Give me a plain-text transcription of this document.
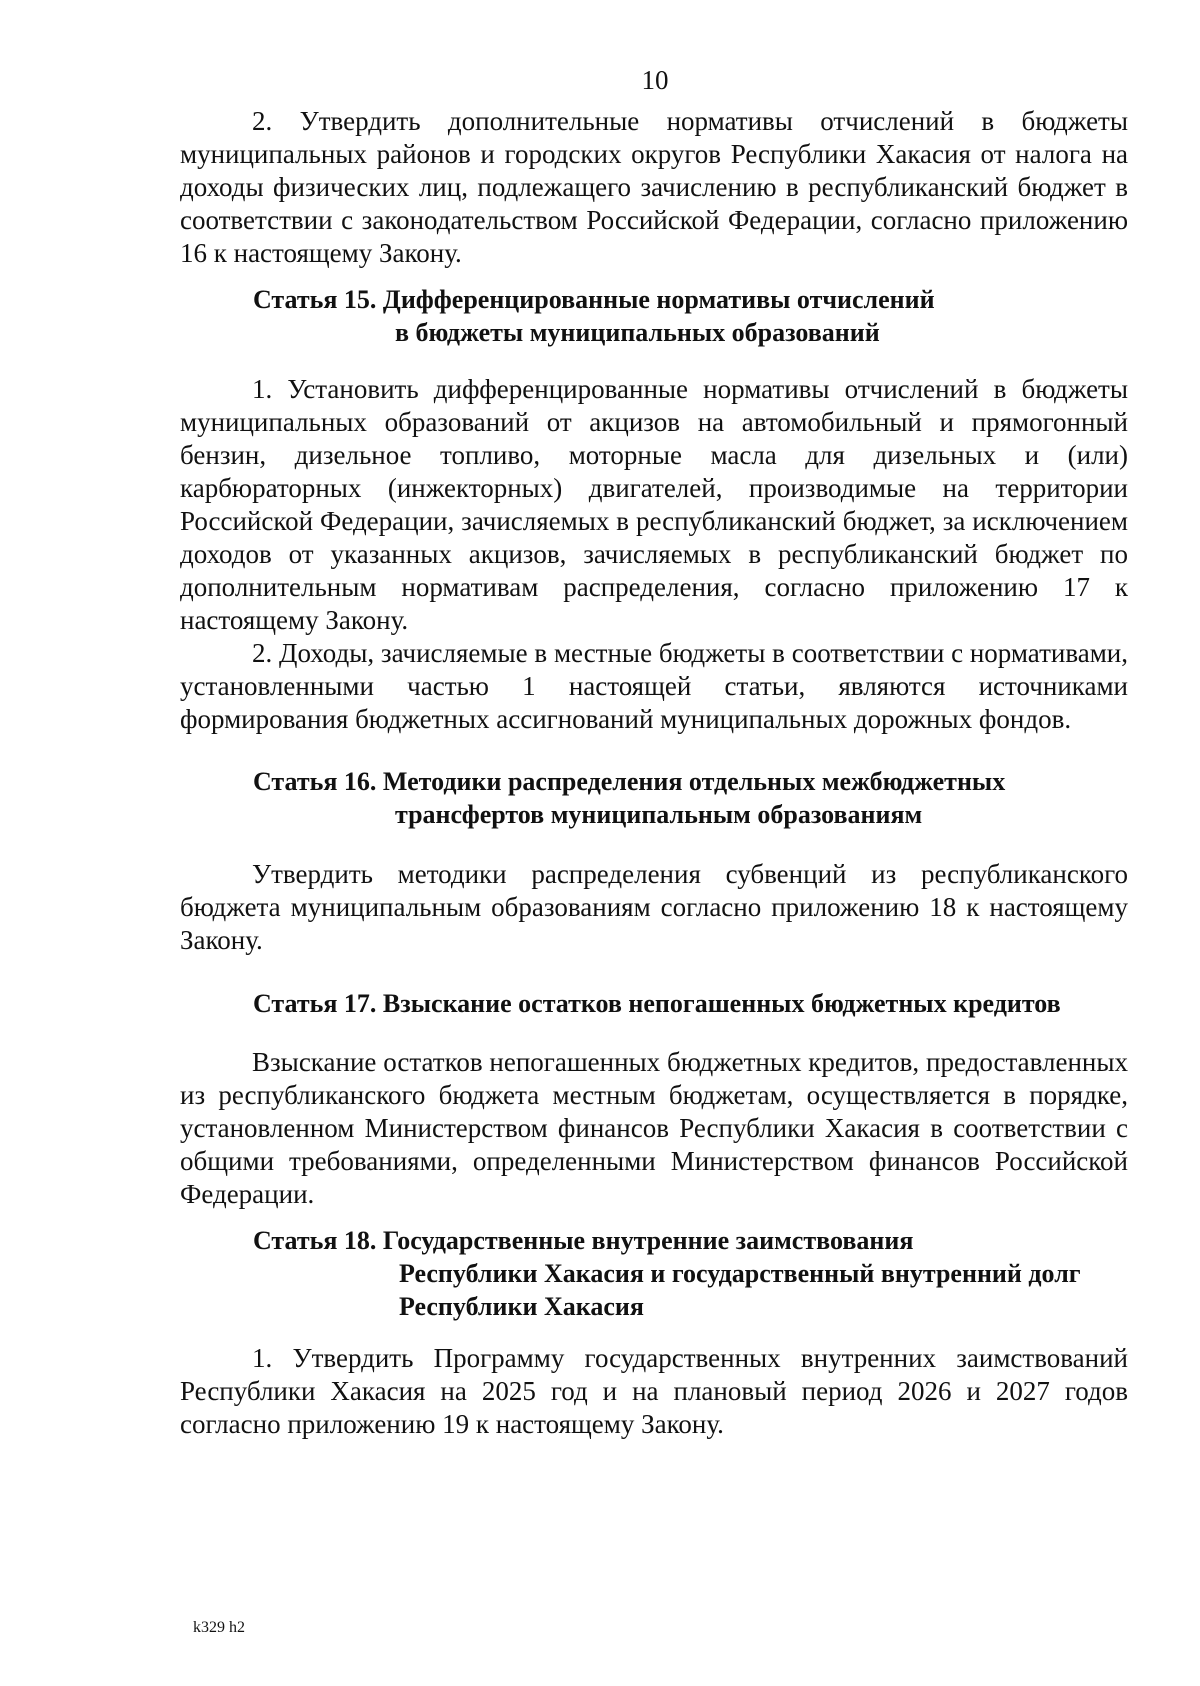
10

2. Утвердить дополнительные нормативы отчислений в бюджеты муниципальных районов и городских округов Республики Хакасия от налога на доходы физических лиц, подлежащего зачислению в республиканский бюджет в соответствии с законодательством Российской Федерации, согласно приложению 16 к настоящему Закону.

Статья 15. Дифференцированные нормативы отчислений
в бюджеты муниципальных образований

1. Установить дифференцированные нормативы отчислений в бюджеты муниципальных образований от акцизов на автомобильный и прямогонный бензин, дизельное топливо, моторные масла для дизельных и (или) карбюраторных (инжекторных) двигателей, производимые на территории Российской Федерации, зачисляемых в республиканский бюджет, за исключением доходов от указанных акцизов, зачисляемых в республиканский бюджет по дополнительным нормативам распределения, согласно приложению 17 к настоящему Закону.

2. Доходы, зачисляемые в местные бюджеты в соответствии с нормативами, установленными частью 1 настоящей статьи, являются источниками формирования бюджетных ассигнований муниципальных дорожных фондов.

Статья 16. Методики распределения отдельных межбюджетных
трансфертов муниципальным образованиям

Утвердить методики распределения субвенций из республиканского бюджета муниципальным образованиям согласно приложению 18 к настоящему Закону.

Статья 17. Взыскание остатков непогашенных бюджетных кредитов

Взыскание остатков непогашенных бюджетных кредитов, предоставленных из республиканского бюджета местным бюджетам, осуществляется в порядке, установленном Министерством финансов Республики Хакасия в соответствии с общими требованиями, определенными Министерством финансов Российской Федерации.

Статья 18. Государственные внутренние заимствования
Республики Хакасия и государственный внутренний долг
Республики Хакасия

1. Утвердить Программу государственных внутренних заимствований Республики Хакасия на 2025 год и на плановый период 2026 и 2027 годов согласно приложению 19 к настоящему Закону.

k329 h2
